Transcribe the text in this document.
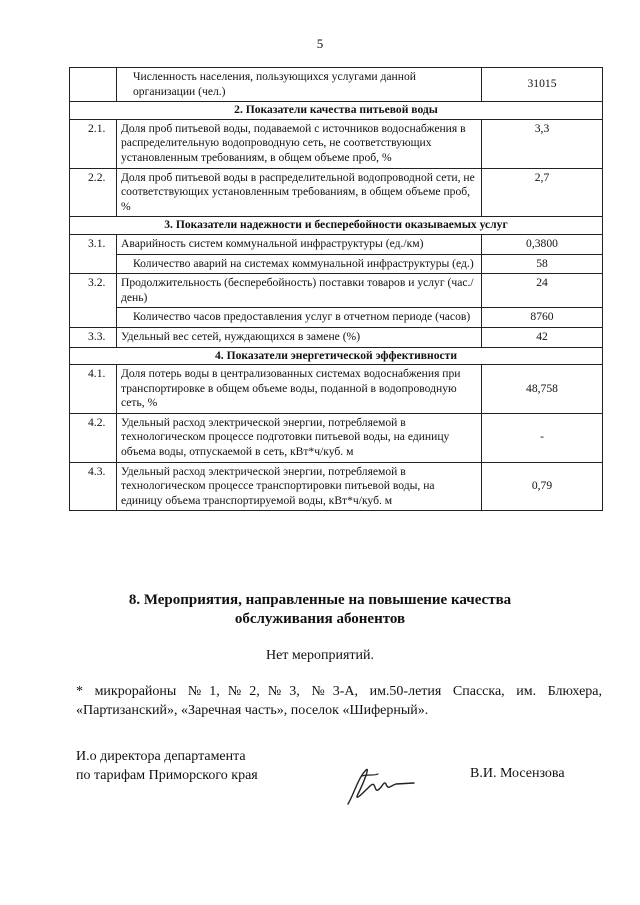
5
	Численность населения, пользующихся услугами данной организации (чел.)	31015
2. Показатели качества питьевой воды		
2.1.	Доля проб питьевой воды, подаваемой с источников водоснабжения в распределительную водопроводную сеть, не соответствующих установленным требованиям, в общем объеме проб, %	3,3
2.2.	Доля проб питьевой воды в распределительной водопроводной сети, не соответствующих установленным требованиям, в общем объеме проб, %	2,7
3. Показатели надежности и бесперебойности оказываемых услуг		
3.1.	Аварийность систем коммунальной инфраструктуры (ед./км)	0,3800
	Количество аварий на системах коммунальной инфраструктуры (ед.)	58
3.2.	Продолжительность (бесперебойность) поставки товаров и услуг (час./день)	24
	Количество часов предоставления услуг в отчетном периоде (часов)	8760
3.3.	Удельный вес сетей, нуждающихся в замене (%)	42
4. Показатели энергетической эффективности		
4.1.	Доля потерь воды в централизованных системах водоснабжения при транспортировке в общем объеме воды, поданной в водопроводную сеть, %	48,758
4.2.	Удельный расход электрической энергии, потребляемой в технологическом процессе подготовки питьевой воды, на единицу объема воды, отпускаемой в сеть, кВт*ч/куб. м	-
4.3.	Удельный расход электрической энергии, потребляемой в технологическом процессе транспортировки питьевой воды, на единицу объема транспортируемой воды, кВт*ч/куб. м	0,79
8. Мероприятия, направленные на повышение качества
обслуживания абонентов
Нет мероприятий.
* микрорайоны №1,№2,№3, №3-А, им.50-летия Спасска, им. Блюхера, «Партизанский», «Заречная часть», поселок «Шиферный».
И.о директора департамента
по тарифам Приморского края	В.И. Мосензова
